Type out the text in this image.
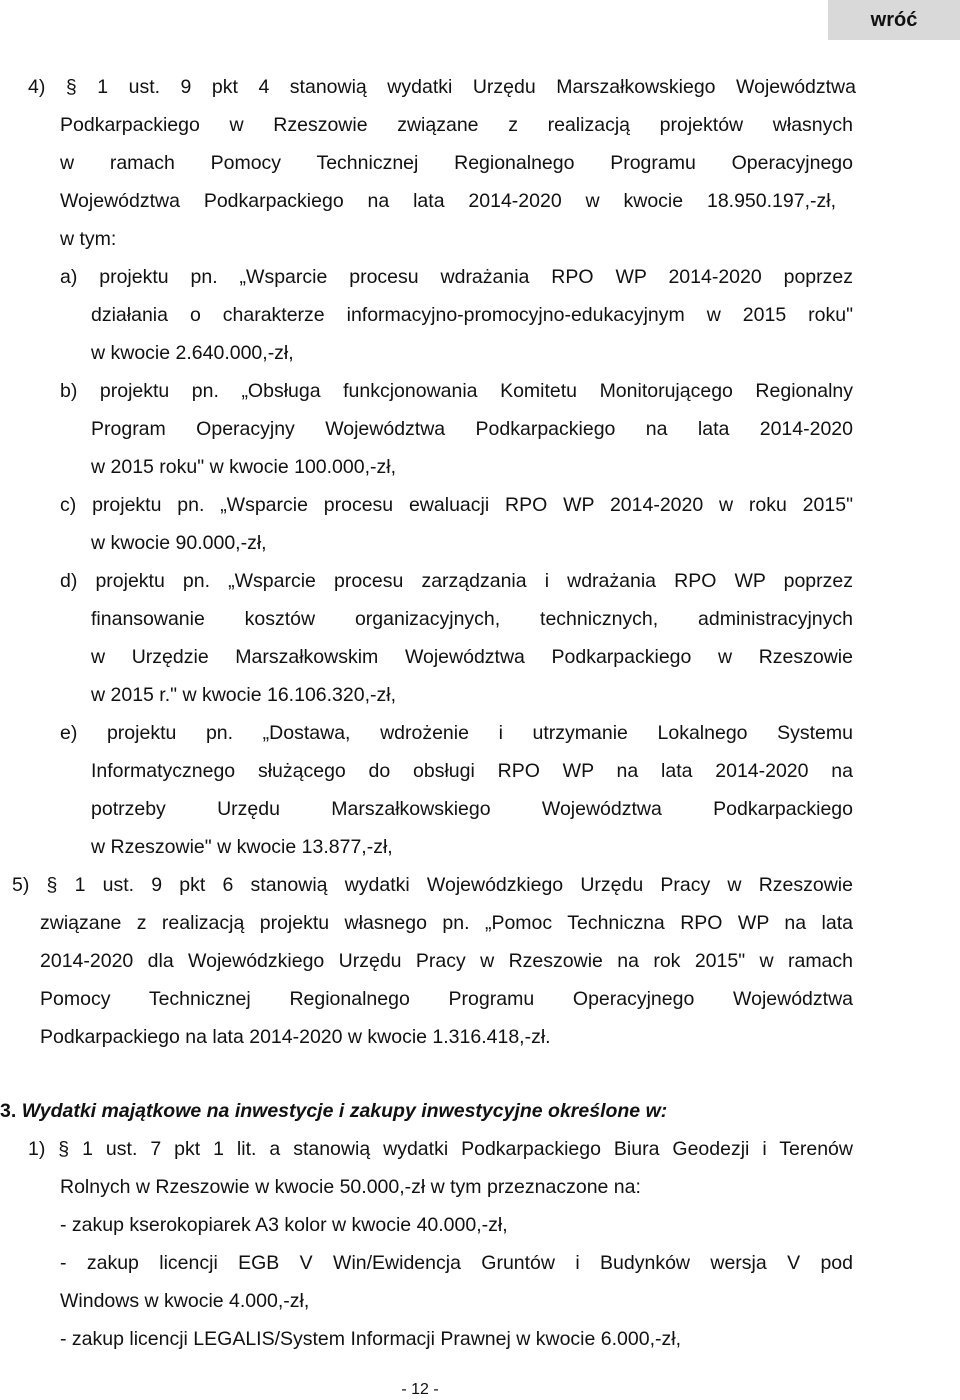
wróć
4) § 1 ust. 9 pkt 4 stanowią wydatki Urzędu Marszałkowskiego Województwa
Podkarpackiego w Rzeszowie związane z realizacją projektów własnych
w ramach Pomocy Technicznej Regionalnego Programu Operacyjnego
Województwa Podkarpackiego na lata 2014-2020 w kwocie 18.950.197,-zł,
w tym:
a) projektu pn. „Wsparcie procesu wdrażania RPO WP 2014-2020 poprzez
działania o charakterze informacyjno-promocyjno-edukacyjnym w 2015 roku"
w kwocie 2.640.000,-zł,
b) projektu pn. „Obsługa funkcjonowania Komitetu Monitorującego Regionalny
Program Operacyjny Województwa Podkarpackiego na lata 2014-2020
w 2015 roku" w kwocie 100.000,-zł,
c) projektu pn. „Wsparcie procesu ewaluacji RPO WP 2014-2020 w roku 2015"
w kwocie 90.000,-zł,
d) projektu pn. „Wsparcie procesu zarządzania i wdrażania RPO WP poprzez
finansowanie kosztów organizacyjnych, technicznych, administracyjnych
w Urzędzie Marszałkowskim Województwa Podkarpackiego w Rzeszowie
w 2015 r." w kwocie 16.106.320,-zł,
e) projektu pn. „Dostawa, wdrożenie i utrzymanie Lokalnego Systemu
Informatycznego służącego do obsługi RPO WP na lata 2014-2020 na
potrzeby Urzędu Marszałkowskiego Województwa Podkarpackiego
w Rzeszowie" w kwocie 13.877,-zł,
5) § 1 ust. 9 pkt 6 stanowią wydatki Wojewódzkiego Urzędu Pracy w Rzeszowie
związane z realizacją projektu własnego pn. „Pomoc Techniczna RPO WP na lata
2014-2020 dla Wojewódzkiego Urzędu Pracy w Rzeszowie na rok 2015" w ramach
Pomocy Technicznej Regionalnego Programu Operacyjnego Województwa
Podkarpackiego na lata 2014-2020 w kwocie 1.316.418,-zł.
3. Wydatki majątkowe na inwestycje i zakupy inwestycyjne określone w:
1) § 1 ust. 7 pkt 1 lit. a stanowią wydatki Podkarpackiego Biura Geodezji i Terenów
Rolnych w Rzeszowie w kwocie 50.000,-zł w tym przeznaczone na:
- zakup kserokopiarek A3 kolor w kwocie 40.000,-zł,
- zakup licencji EGB V Win/Ewidencja Gruntów i Budynków wersja V pod
Windows w kwocie 4.000,-zł,
- zakup licencji LEGALIS/System Informacji Prawnej w kwocie 6.000,-zł,
- 12 -
